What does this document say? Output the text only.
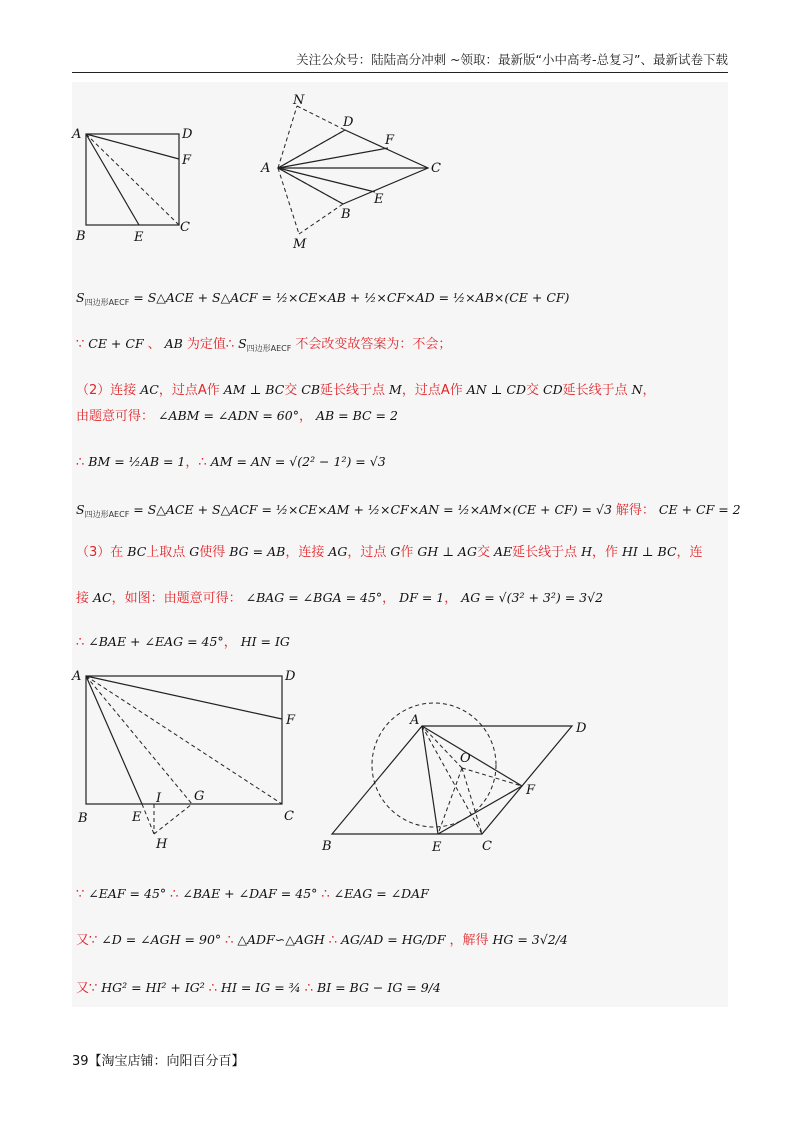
关注公众号：陆陆高分冲刺 ~领取：最新版“小中高考-总复习”、最新试卷下载
A	D
F
B	E
C
N
D
F
A	C
E
B
M
$S_{四边形AECF}$ = S△ACE + S△ACF = ½×CE×AB + ½×CF×AD = ½×AB×(CE + CF)
∵ CE + CF 、 AB 为定值∴ $S_{四边形AECF}$ 不会改变故答案为：不会；
（2）连接 AC，过点A作 AM ⊥ BC交 CB延长线于点 M，过点A作 AN ⊥ CD交 CD延长线于点 N，
由题意可得： ∠ABM = ∠ADN = 60°， AB = BC = 2
∴ BM = ½AB = 1，∴ AM = AN = √(2² − 1²) = √3
$S_{四边形AECF}$ = S△ACE + S△ACF = ½×CE×AM + ½×CF×AN = ½×AM×(CE + CF) = √3 解得： CE + CF = 2
（3）在 BC上取点 G使得 BG = AB，连接 AG，过点 G作 GH ⊥ AG交 AE延长线于点 H，作 HI ⊥ BC，连
接 AC，如图：由题意可得： ∠BAG = ∠BGA = 45°， DF = 1， AG = √(3² + 3²) = 3√2
∴ ∠BAE + ∠EAG = 45°， HI = IG
A	D
F
B	E
I	G
C
H
A
D
O
F
B	E	C
∵ ∠EAF = 45° ∴ ∠BAE + ∠DAF = 45° ∴ ∠EAG = ∠DAF
又∵ ∠D = ∠AGH = 90° ∴ △ADF∽△AGH ∴ AG/AD = HG/DF ，解得 HG = 3√2/4
又∵ HG² = HI² + IG² ∴ HI = IG = ¾ ∴ BI = BG − IG = 9/4
39【淘宝店铺：向阳百分百】
